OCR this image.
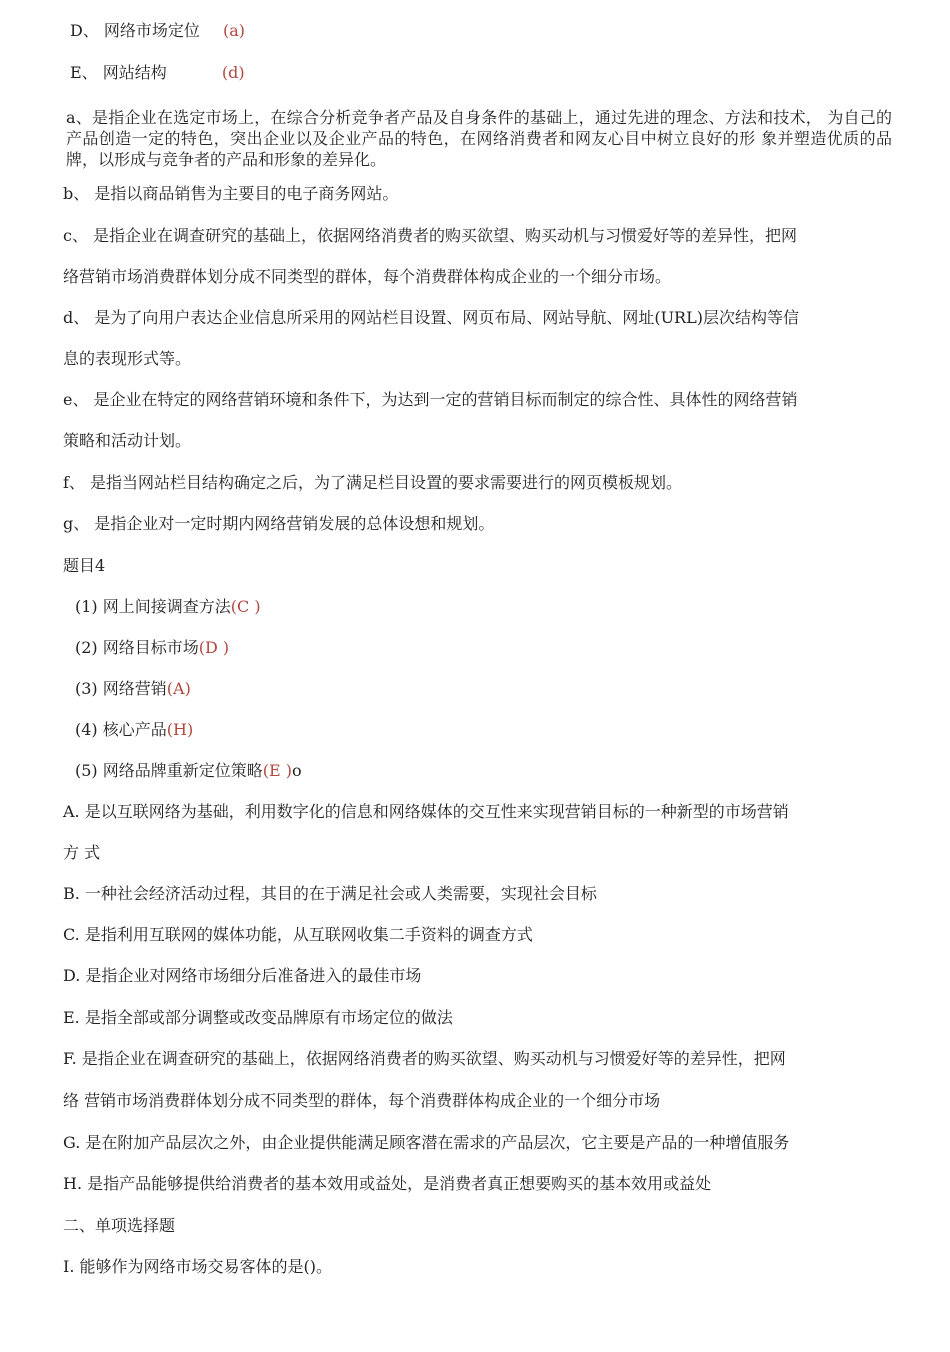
D、 网络市场定位 (a)
E、 网站结构	(d)
a、是指企业在选定市场上，在综合分析竞争者产品及自身条件的基础上，通过先进的理念、方法和技术， 为自己的产品创造一定的特色，突出企业以及企业产品的特色，在网络消费者和网友心目中树立良好的形 象并塑造优质的品牌，以形成与竞争者的产品和形象的差异化。
b、 是指以商品销售为主要目的电子商务网站。
c、 是指企业在调查研究的基础上，依据网络消费者的购买欲望、购买动机与习惯爱好等的差异性，把网
络营销市场消费群体划分成不同类型的群体，每个消费群体构成企业的一个细分市场。
d、 是为了向用户表达企业信息所采用的网站栏目设置、网页布局、网站导航、网址(URL)层次结构等信
息的表现形式等。
e、 是企业在特定的网络营销环境和条件下，为达到一定的营销目标而制定的综合性、具体性的网络营销
策略和活动计划。
f、 是指当网站栏目结构确定之后，为了满足栏目设置的要求需要进行的网页模板规划。
g、 是指企业对一定时期内网络营销发展的总体设想和规划。
题目4
(1) 网上间接调查方法(C )
(2) 网络目标市场(D )
(3) 网络营销(A)
(4) 核心产品(H)
(5) 网络品牌重新定位策略(E )o
A. 是以互联网络为基础，利用数字化的信息和网络媒体的交互性来实现营销目标的一种新型的市场营销
方 式
B. 一种社会经济活动过程，其目的在于满足社会或人类需要，实现社会目标
C. 是指利用互联网的媒体功能，从互联网收集二手资料的调查方式
D. 是指企业对网络市场细分后准备进入的最佳市场
E. 是指全部或部分调整或改变品牌原有市场定位的做法
F. 是指企业在调查研究的基础上，依据网络消费者的购买欲望、购买动机与习惯爱好等的差异性，把网
络 营销市场消费群体划分成不同类型的群体，每个消费群体构成企业的一个细分市场
G. 是在附加产品层次之外，由企业提供能满足顾客潜在需求的产品层次，它主要是产品的一种增值服务
H. 是指产品能够提供给消费者的基本效用或益处，是消费者真正想要购买的基本效用或益处
二、单项选择题
I. 能够作为网络市场交易客体的是()。
